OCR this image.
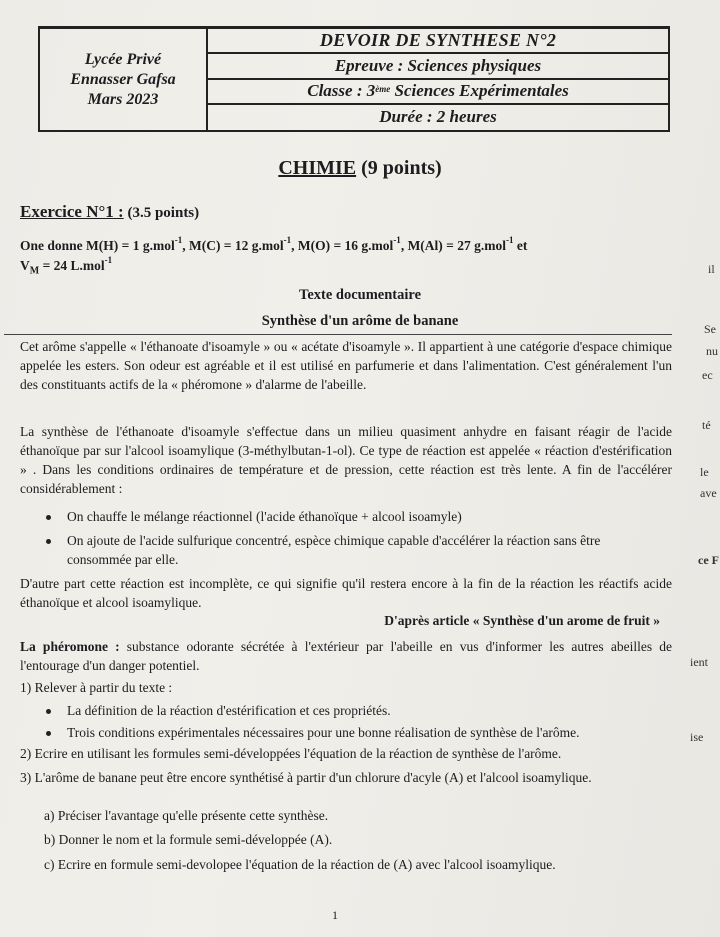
Lycée Privé
Ennasser Gafsa
Mars 2023
DEVOIR DE SYNTHESE N°2
Epreuve : Sciences physiques
Classe : 3ème Sciences Expérimentales
Durée : 2 heures
CHIMIE (9 points)
Exercice N°1 : (3.5 points)
One donne M(H) = 1 g.mol$^{-1}$, M(C) = 12 g.mol$^{-1}$, M(O) = 16 g.mol$^{-1}$, M(Al) = 27 g.mol$^{-1}$ et
$V_M = 24$ L.mol$^{-1}$
Texte documentaire
Synthèse d'un arôme de banane
Cet arôme s'appelle « l'éthanoate d'isoamyle » ou « acétate d'isoamyle ». Il appartient à une catégorie d'espace chimique appelée les esters. Son odeur est agréable et il est utilisé en parfumerie et dans l'alimentation. C'est généralement l'un des constituants actifs de la « phéromone » d'alarme de l'abeille.
La synthèse de l'éthanoate d'isoamyle s'effectue dans un milieu quasiment anhydre en faisant réagir de l'acide éthanoïque par sur l'alcool isoamylique (3-méthylbutan-1-ol). Ce type de réaction est appelée « réaction d'estérification » . Dans les conditions ordinaires de température et de pression, cette réaction est très lente. A fin de l'accélérer considérablement :
On chauffe le mélange réactionnel (l'acide éthanoïque + alcool isoamyle)
On ajoute de l'acide sulfurique concentré, espèce chimique capable d'accélérer la réaction sans être consommée par elle.
D'autre part cette réaction est incomplète, ce qui signifie qu'il restera encore à la fin de la réaction les réactifs acide éthanoïque et alcool isoamylique.
D'après article « Synthèse d'un arome de fruit »
La phéromone : substance odorante sécrétée à l'extérieur par l'abeille en vus d'informer les autres abeilles de l'entourage d'un danger potentiel.
1) Relever à partir du texte :
La définition de la réaction d'estérification et ces propriétés.
Trois conditions expérimentales nécessaires pour une bonne réalisation de synthèse de l'arôme.
2) Ecrire en utilisant les formules semi-développées l'équation de la réaction de synthèse de l'arôme.
3) L'arôme de banane peut être encore synthétisé à partir d'un chlorure d'acyle (A) et l'alcool isoamylique.
a) Préciser l'avantage qu'elle présente cette synthèse.
b) Donner le nom et la formule semi-développée (A).
c) Ecrire en formule semi-devolopee l'équation de la réaction de (A) avec l'alcool isoamylique.
il
Se
nu
ec
té
le
ave
ce F
ient
ise
1
